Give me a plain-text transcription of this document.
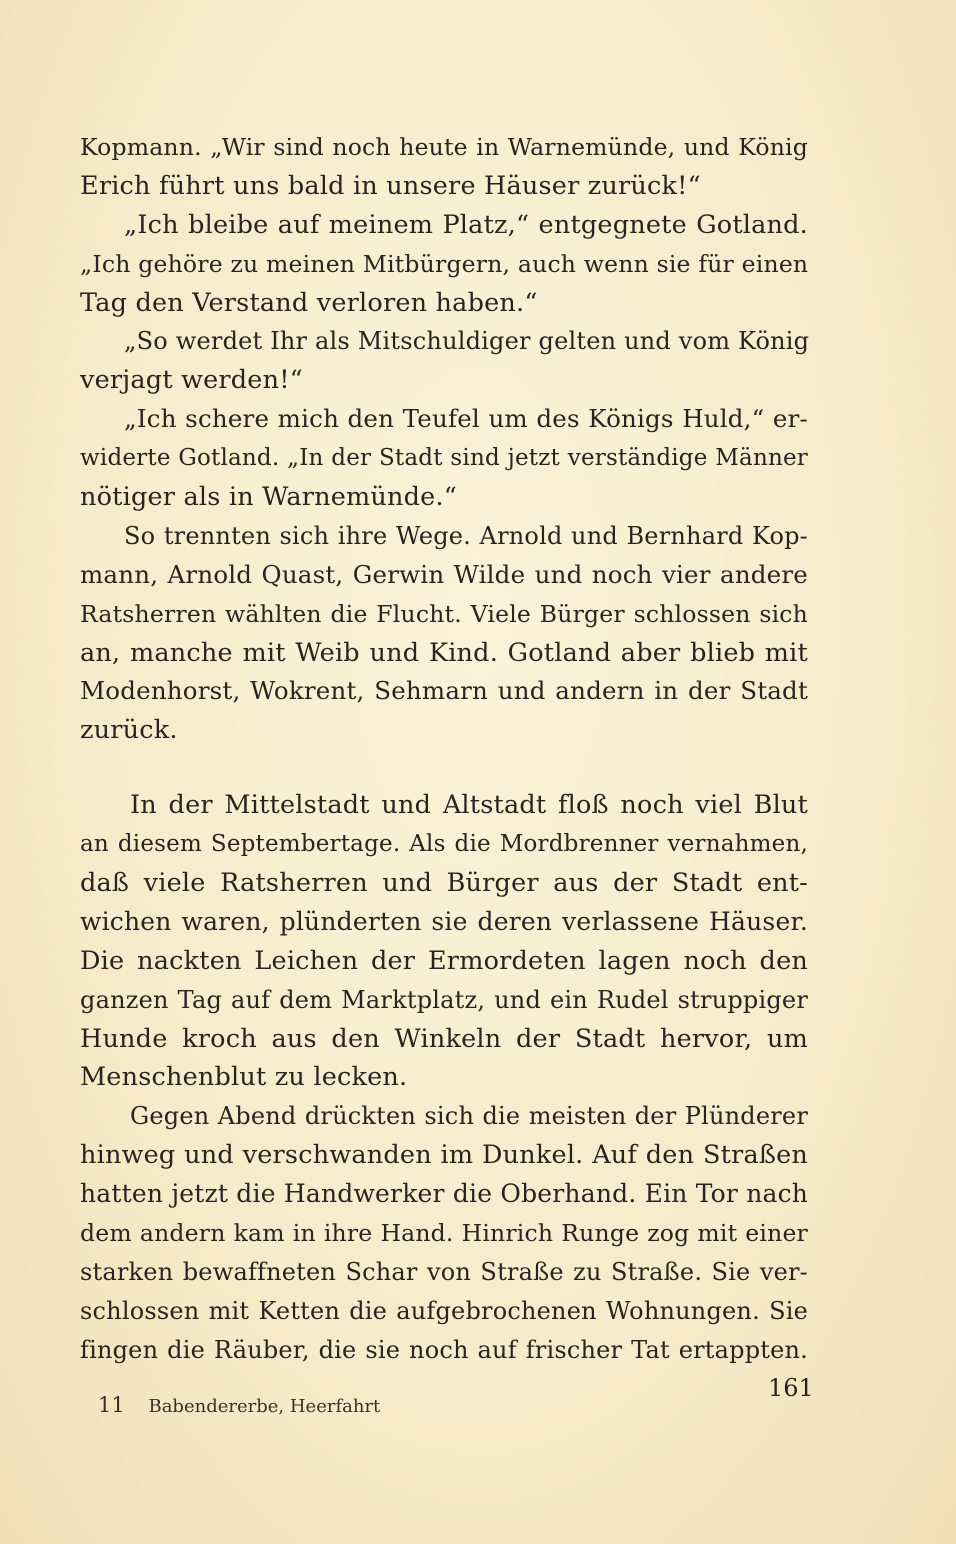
Kopmann. „Wir sind noch heute in Warnemünde, und König
Erich führt uns bald in unsere Häuser zurück!“
„Ich bleibe auf meinem Platz,“ entgegnete Gotland.
„Ich gehöre zu meinen Mitbürgern, auch wenn sie für einen
Tag den Verstand verloren haben.“
„So werdet Ihr als Mitschuldiger gelten und vom König
verjagt werden!“
„Ich schere mich den Teufel um des Königs Huld,“ er-
widerte Gotland. „In der Stadt sind jetzt verständige Männer
nötiger als in Warnemünde.“
So trennten sich ihre Wege. Arnold und Bernhard Kop-
mann, Arnold Quast, Gerwin Wilde und noch vier andere
Ratsherren wählten die Flucht. Viele Bürger schlossen sich
an, manche mit Weib und Kind. Gotland aber blieb mit
Modenhorst, Wokrent, Sehmarn und andern in der Stadt
zurück.
In der Mittelstadt und Altstadt floß noch viel Blut
an diesem Septembertage. Als die Mordbrenner vernahmen,
daß viele Ratsherren und Bürger aus der Stadt ent-
wichen waren, plünderten sie deren verlassene Häuser.
Die nackten Leichen der Ermordeten lagen noch den
ganzen Tag auf dem Marktplatz, und ein Rudel struppiger
Hunde kroch aus den Winkeln der Stadt hervor, um
Menschenblut zu lecken.
Gegen Abend drückten sich die meisten der Plünderer
hinweg und verschwanden im Dunkel. Auf den Straßen
hatten jetzt die Handwerker die Oberhand. Ein Tor nach
dem andern kam in ihre Hand. Hinrich Runge zog mit einer
starken bewaffneten Schar von Straße zu Straße. Sie ver-
schlossen mit Ketten die aufgebrochenen Wohnungen. Sie
fingen die Räuber, die sie noch auf frischer Tat ertappten.
11 Babendererbe, Heerfahrt
161
